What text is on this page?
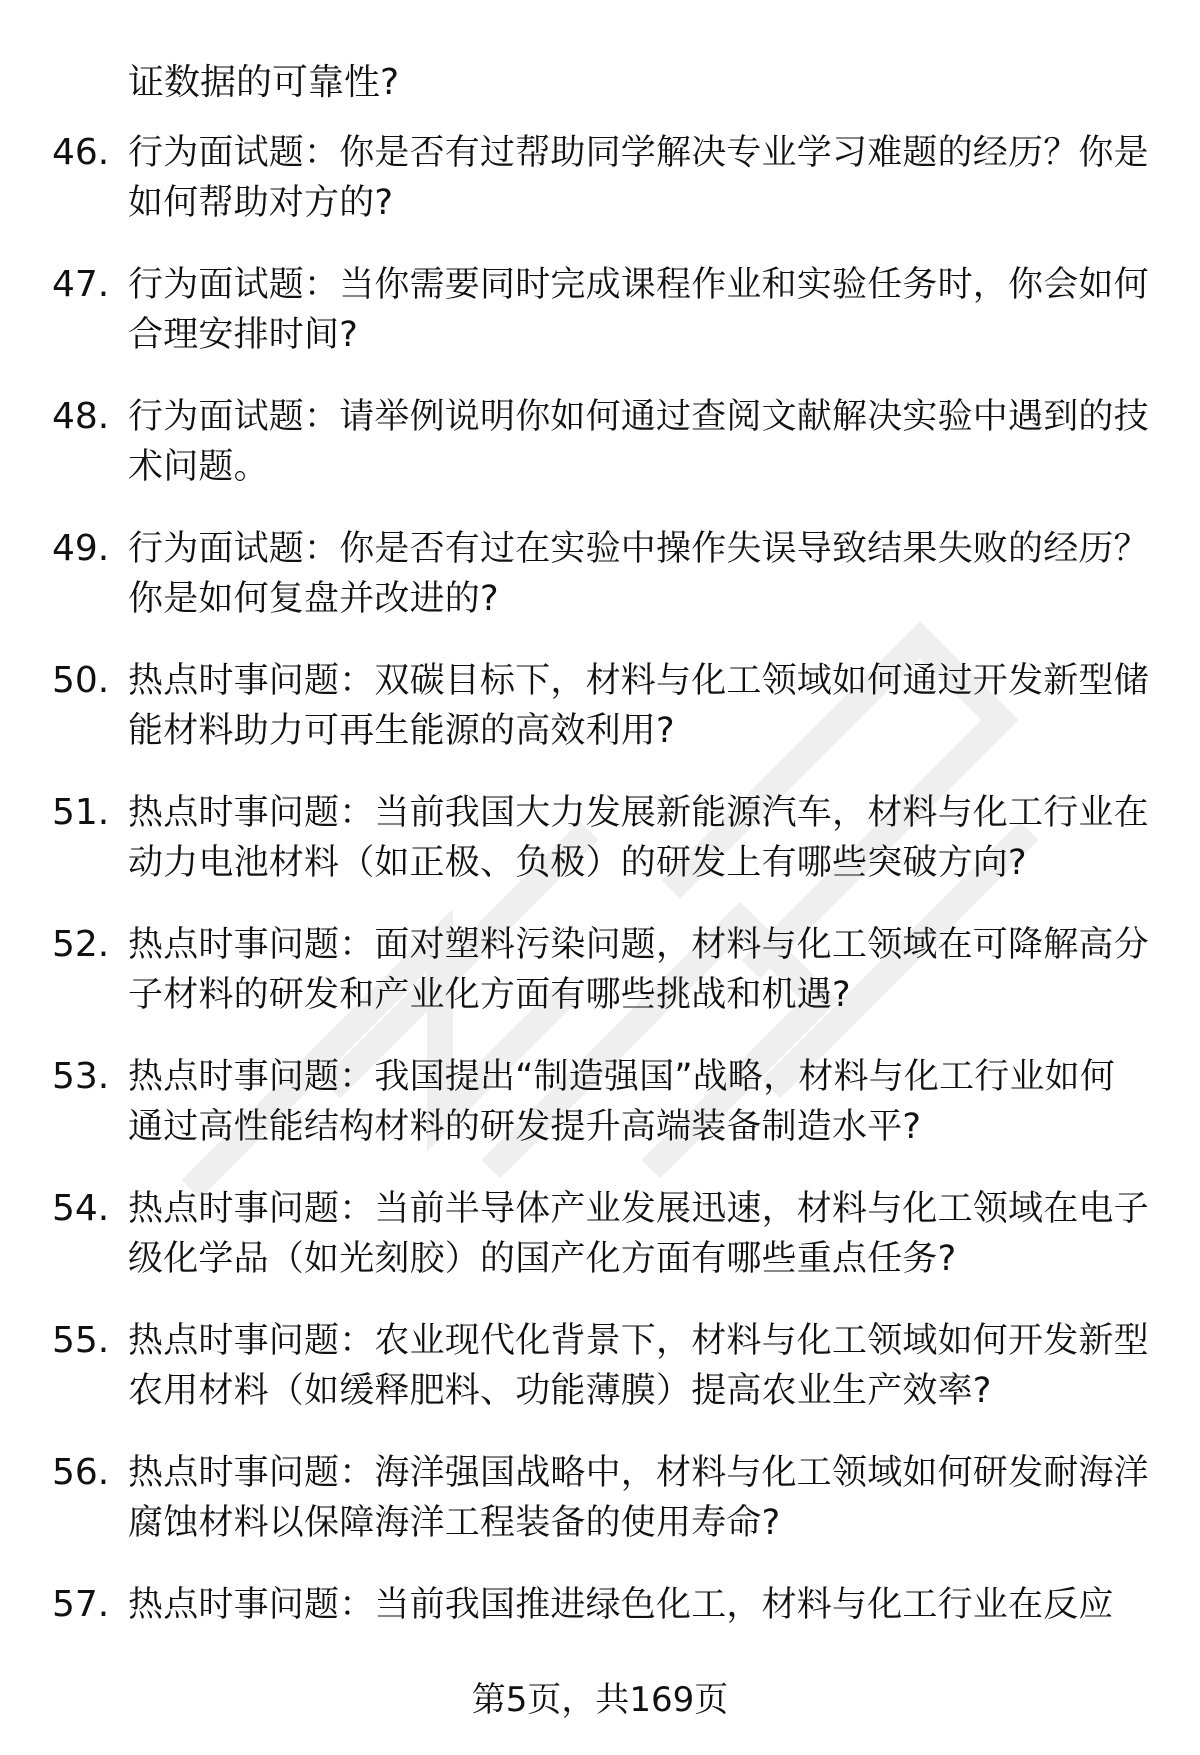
证数据的可靠性?
46. 行为面试题：你是否有过帮助同学解决专业学习难题的经历？你是如何帮助对方的?
47. 行为面试题：当你需要同时完成课程作业和实验任务时，你会如何合理安排时间?
48. 行为面试题：请举例说明你如何通过查阅文献解决实验中遇到的技术问题。
49. 行为面试题：你是否有过在实验中操作失误导致结果失败的经历？你是如何复盘并改进的?
50. 热点时事问题：双碳目标下，材料与化工领域如何通过开发新型储能材料助力可再生能源的高效利用?
51. 热点时事问题：当前我国大力发展新能源汽车，材料与化工行业在动力电池材料（如正极、负极）的研发上有哪些突破方向?
52. 热点时事问题：面对塑料污染问题，材料与化工领域在可降解高分子材料的研发和产业化方面有哪些挑战和机遇?
53. 热点时事问题：我国提出“制造强国”战略，材料与化工行业如何通过高性能结构材料的研发提升高端装备制造水平?
54. 热点时事问题：当前半导体产业发展迅速，材料与化工领域在电子级化学品（如光刻胶）的国产化方面有哪些重点任务?
55. 热点时事问题：农业现代化背景下，材料与化工领域如何开发新型农用材料（如缓释肥料、功能薄膜）提高农业生产效率?
56. 热点时事问题：海洋强国战略中，材料与化工领域如何研发耐海洋腐蚀材料以保障海洋工程装备的使用寿命?
57. 热点时事问题：当前我国推进绿色化工，材料与化工行业在反应
第5页，共169页
